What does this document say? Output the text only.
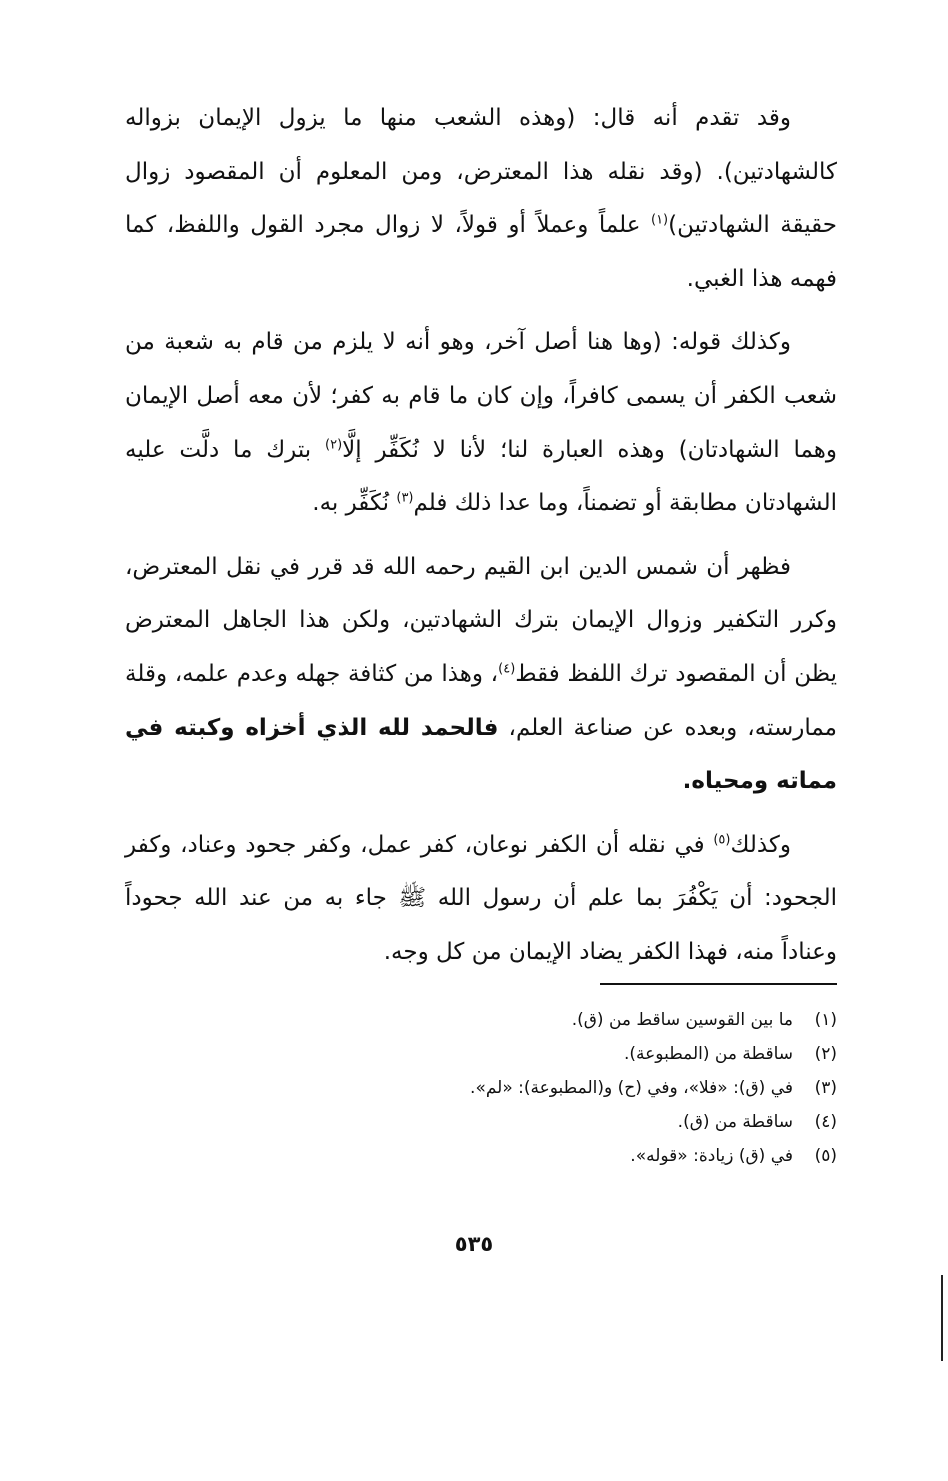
وقد تقدم أنه قال: (وهذه الشعب منها ما يزول الإيمان بزواله كالشهادتين). (وقد نقله هذا المعترض، ومن المعلوم أن المقصود زوال حقيقة الشهادتين)$^{(١)}$ علماً وعملاً أو قولاً، لا زوال مجرد القول واللفظ، كما فهمه هذا الغبي.
وكذلك قوله: (وها هنا أصل آخر، وهو أنه لا يلزم من قام به شعبة من شعب الكفر أن يسمى كافراً، وإن كان ما قام به كفر؛ لأن معه أصل الإيمان وهما الشهادتان) وهذه العبارة لنا؛ لأنا لا نُكَفِّر إلَّا$^{(٢)}$ بترك ما دلَّت عليه الشهادتان مطابقة أو تضمناً، وما عدا ذلك فلم$^{(٣)}$ نُكَفِّر به.
فظهر أن شمس الدين ابن القيم رحمه الله قد قرر في نقل المعترض، وكرر التكفير وزوال الإيمان بترك الشهادتين، ولكن هذا الجاهل المعترض يظن أن المقصود ترك اللفظ فقط$^{(٤)}$، وهذا من كثافة جهله وعدم علمه، وقلة ممارسته، وبعده عن صناعة العلم، فالحمد لله الذي أخزاه وكبته في مماته ومحياه.
وكذلك$^{(٥)}$ في نقله أن الكفر نوعان، كفر عمل، وكفر جحود وعناد، وكفر الجحود: أن يَكْفُرَ بما علم أن رسول الله ﷺ جاء به من عند الله جحوداً وعناداً منه، فهذا الكفر يضاد الإيمان من كل وجه.
(١)ما بين القوسين ساقط من (ق).
(٢)ساقطة من (المطبوعة).
(٣)في (ق): «فلا»، وفي (ح) و(المطبوعة): «لم».
(٤)ساقطة من (ق).
(٥)في (ق) زيادة: «قوله».
٥٣٥
